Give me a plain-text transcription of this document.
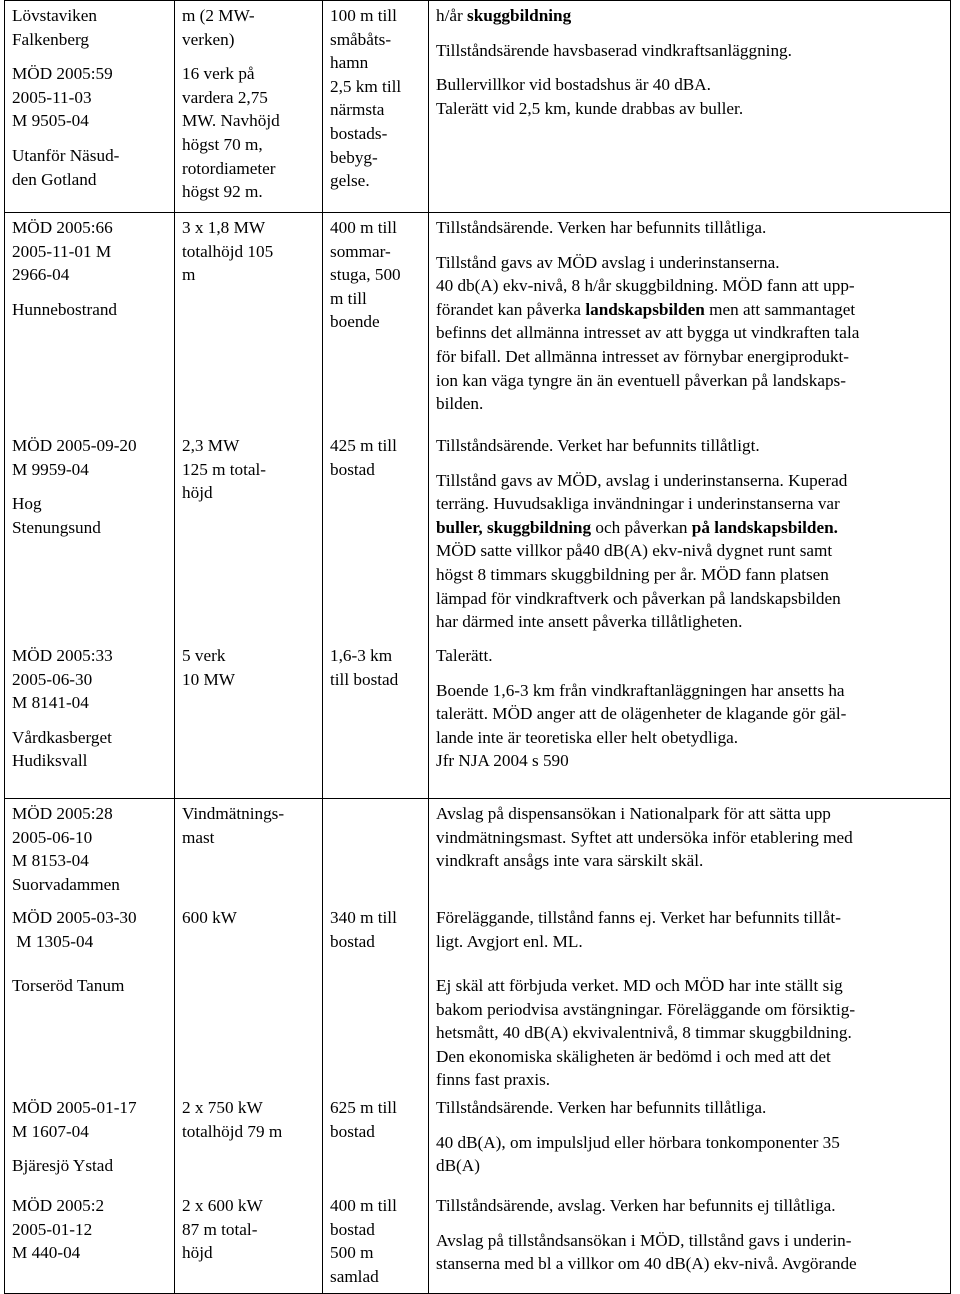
Lövstaviken
Falkenberg
MÖD 2005:59
2005-11-03
M 9505-04
Utanför Näsud-
den Gotland
m (2 MW-
verken)
16 verk på
vardera 2,75
MW. Navhöjd
högst 70 m,
rotordiameter
högst 92 m.
100 m till
småbåts-
hamn
2,5 km till
närmsta
bostads-
bebyg-
gelse.
h/år skuggbildning
Tillståndsärende havsbaserad vindkraftsanläggning.
Bullervillkor vid bostadshus är 40 dBA.
Talerätt vid 2,5 km, kunde drabbas av buller.
MÖD 2005:66
2005-11-01 M
2966-04
Hunnebostrand
3 x 1,8 MW
totalhöjd 105
m
400 m till
sommar-
stuga, 500
m till
boende
Tillståndsärende. Verken har befunnits tillåtliga.
Tillstånd gavs av MÖD avslag i underinstanserna.
40 db(A) ekv-nivå, 8 h/år skuggbildning. MÖD fann att upp-
förandet kan påverka landskapsbilden men att sammantaget
befinns det allmänna intresset av att bygga ut vindkraften tala
för bifall. Det allmänna intresset av förnybar energiprodukt-
ion kan väga tyngre än än eventuell påverkan på landskaps-
bilden.
MÖD 2005-09-20
M 9959-04
Hog
Stenungsund
2,3 MW
125 m total-
höjd
425 m till
bostad
Tillståndsärende. Verket har befunnits tillåtligt.
Tillstånd gavs av MÖD, avslag i underinstanserna. Kuperad
terräng. Huvudsakliga invändningar i underinstanserna var
buller, skuggbildning och påverkan på landskapsbilden.
MÖD satte villkor på40 dB(A) ekv-nivå dygnet runt samt
högst 8 timmars skuggbildning per år. MÖD fann platsen
lämpad för vindkraftverk och påverkan på landskapsbilden
har därmed inte ansett påverka tillåtligheten.
MÖD 2005:33
2005-06-30
M 8141-04
Vårdkasberget
Hudiksvall
5 verk
10 MW
1,6-3 km
till bostad
Talerätt.
Boende 1,6-3 km från vindkraftanläggningen har ansetts ha
talerätt. MÖD anger att de olägenheter de klagande gör gäl-
lande inte är teoretiska eller helt obetydliga.
Jfr NJA 2004 s 590
MÖD 2005:28
2005-06-10
M 8153-04
Suorvadammen
Vindmätnings-
mast
Avslag på dispensansökan i Nationalpark för att sätta upp
vindmätningsmast. Syftet att undersöka inför etablering med
vindkraft ansågs inte vara särskilt skäl.
MÖD 2005-03-30
M 1305-04
600 kW	340 m till
bostad
Föreläggande, tillstånd fanns ej. Verket har befunnits tillåt-
ligt. Avgjort enl. ML.
Torseröd Tanum	Ej skäl att förbjuda verket. MD och MÖD har inte ställt sig
bakom periodvisa avstängningar. Föreläggande om försiktig-
hetsmått, 40 dB(A) ekvivalentnivå, 8 timmar skuggbildning.
Den ekonomiska skäligheten är bedömd i och med att det
finns fast praxis.
MÖD 2005-01-17
M 1607-04
Bjäresjö Ystad
2 x 750 kW
totalhöjd 79 m
625 m till
bostad
Tillståndsärende. Verken har befunnits tillåtliga.
40 dB(A), om impulsljud eller hörbara tonkomponenter 35
dB(A)
MÖD 2005:2
2005-01-12
M 440-04
2 x 600 kW
87 m total-
höjd
400 m till
bostad
500 m
samlad
Tillståndsärende, avslag. Verken har befunnits ej tillåtliga.
Avslag på tillståndsansökan i MÖD, tillstånd gavs i underin-
stanserna med bl a villkor om 40 dB(A) ekv-nivå. Avgörande
